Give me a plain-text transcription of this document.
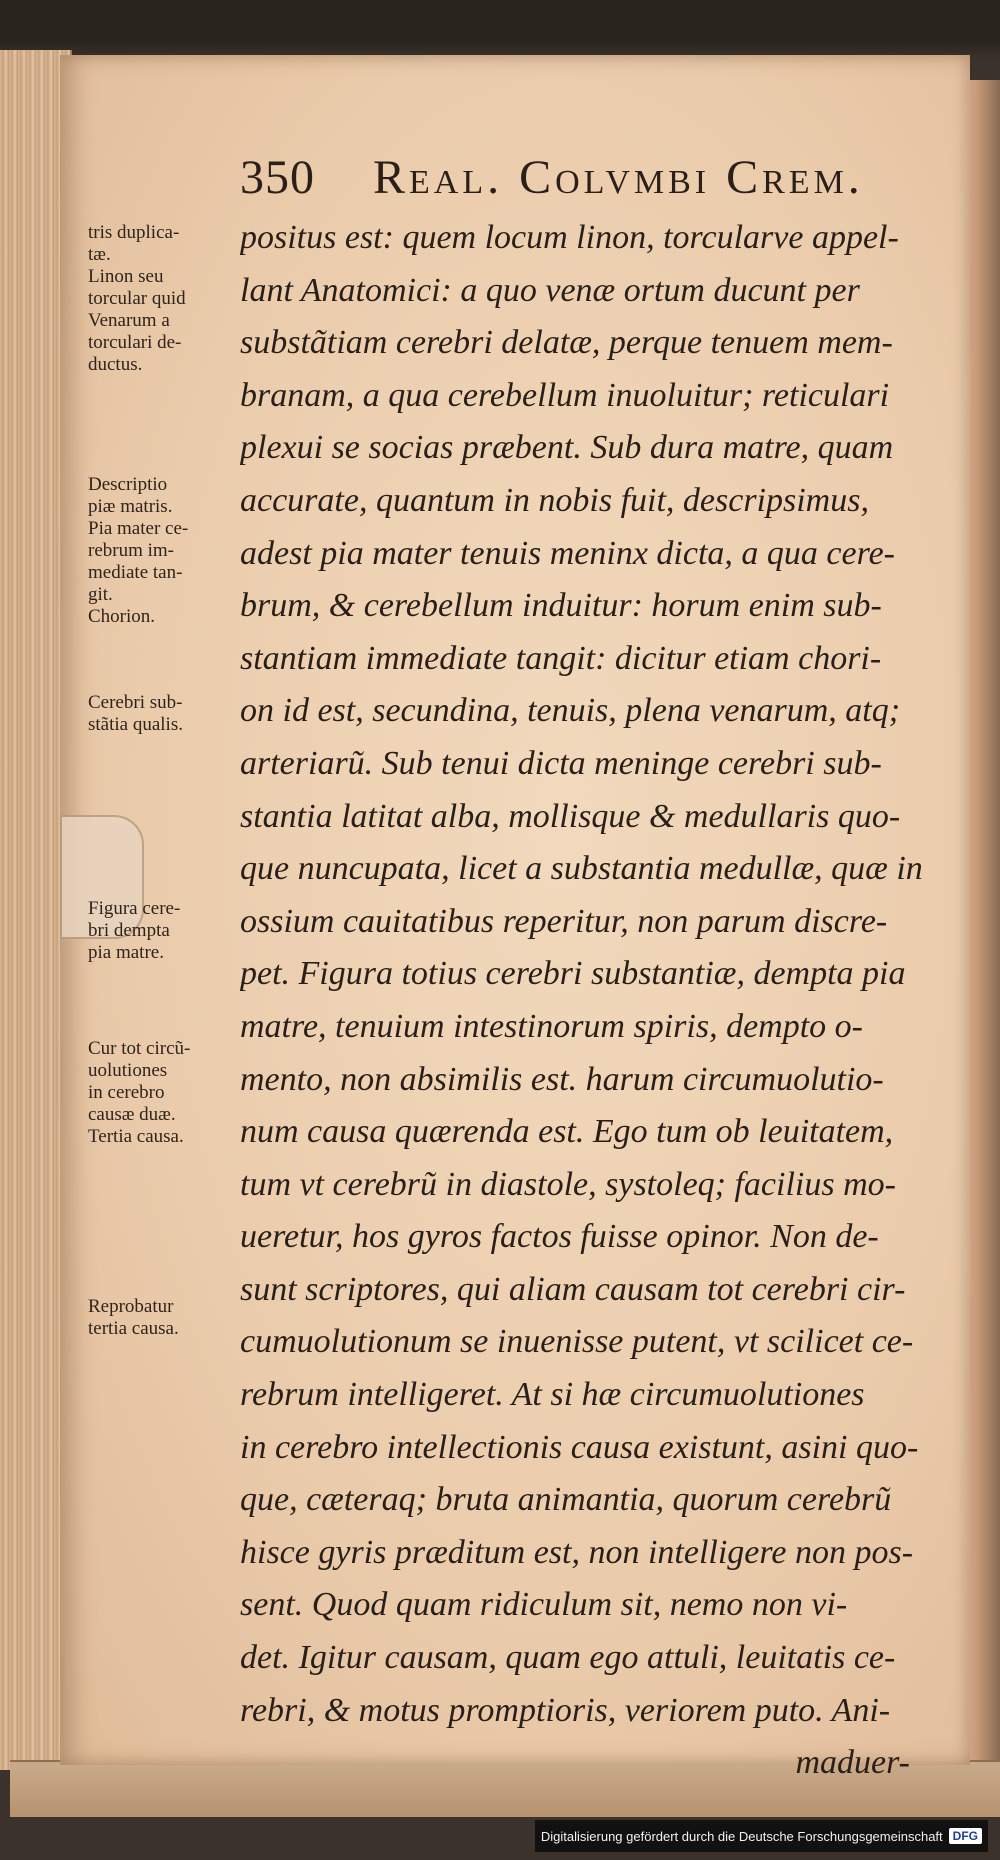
350 Real. Colvmbi Crem.
tris duplica-
tæ.
Linon seu
torcular quid
Venarum a
torculari de-
ductus.
Descriptio
piæ matris.
Pia mater ce-
rebrum im-
mediate tan-
git.
Chorion.
Cerebri sub-
stãtia qualis.
Figura cere-
bri dempta
pia matre.
Cur tot circũ-
uolutiones
in cerebro
causæ duæ.
Tertia causa.
Reprobatur
tertia causa.
positus est: quem locum linon, torcularve appel-
lant Anatomici: a quo venæ ortum ducunt per
substãtiam cerebri delatæ, perque tenuem mem-
branam, a qua cerebellum inuoluitur; reticulari
plexui se socias præbent. Sub dura matre, quam
accurate, quantum in nobis fuit, descripsimus,
adest pia mater tenuis meninx dicta, a qua cere-
brum, & cerebellum induitur: horum enim sub-
stantiam immediate tangit: dicitur etiam chori-
on id est, secundina, tenuis, plena venarum, atq;
arteriarũ. Sub tenui dicta meninge cerebri sub-
stantia latitat alba, mollisque & medullaris quo-
que nuncupata, licet a substantia medullæ, quæ in
ossium cauitatibus reperitur, non parum discre-
pet. Figura totius cerebri substantiæ, dempta pia
matre, tenuium intestinorum spiris, dempto o-
mento, non absimilis est. harum circumuolutio-
num causa quærenda est. Ego tum ob leuitatem,
tum vt cerebrũ in diastole, systoleq; facilius mo-
ueretur, hos gyros factos fuisse opinor. Non de-
sunt scriptores, qui aliam causam tot cerebri cir-
cumuolutionum se inuenisse putent, vt scilicet ce-
rebrum intelligeret. At si hæ circumuolutiones
in cerebro intellectionis causa existunt, asini quo-
que, cæteraq; bruta animantia, quorum cerebrũ
hisce gyris præditum est, non intelligere non pos-
sent. Quod quam ridiculum sit, nemo non vi-
det. Igitur causam, quam ego attuli, leuitatis ce-
rebri, & motus promptioris, veriorem puto. Ani-
maduer-
Digitalisierung gefördert durch die Deutsche Forschungsgemeinschaft DFG
